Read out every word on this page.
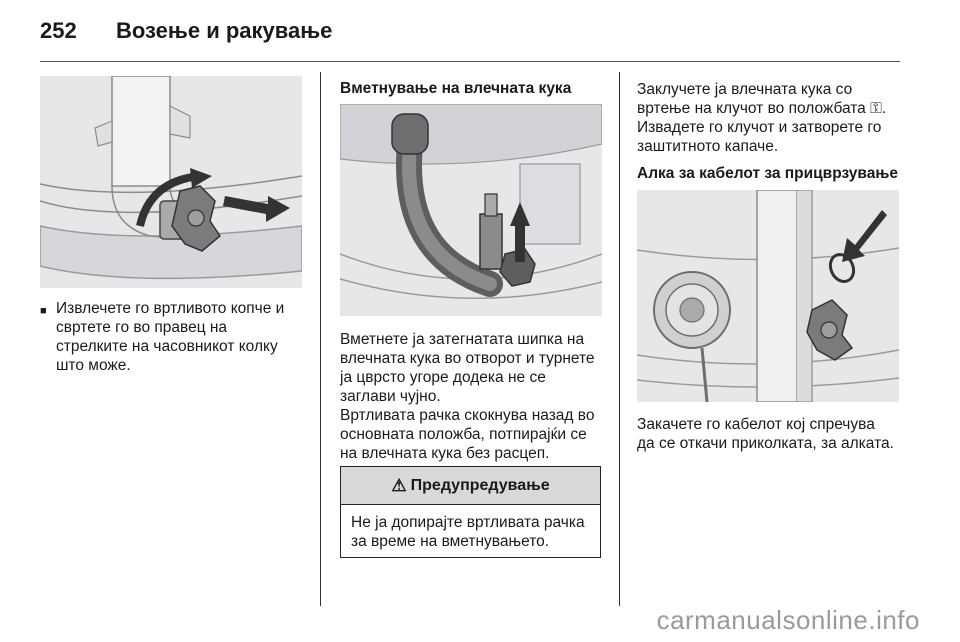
252	Возење и ракување
■ Извлечете го вртливото копче и
свртете го во правец на
стрелките на часовникот колку
што може.
Вметнување на влечната кука
Вметнете ја затегнатата шипка на
влечната кука во отворот и турнете
ја цврсто угоре додека не се
заглави чујно.
Вртливата рачка скокнува назад во
основната положба, потпирајќи се
на влечната кука без расцеп.
⚠ Предупредување
Не ја допирајте вртливата рачка
за време на вметнувањето.
Заклучете ја влечната кука со
вртење на клучот во положбата ⚿.
Извадете го клучот и затворете го
заштитното капаче.
Алка за кабелот за прицврзување
Закачете го кабелот кој спречува
да се откачи приколката, за алката.
carmanualsonline.info
